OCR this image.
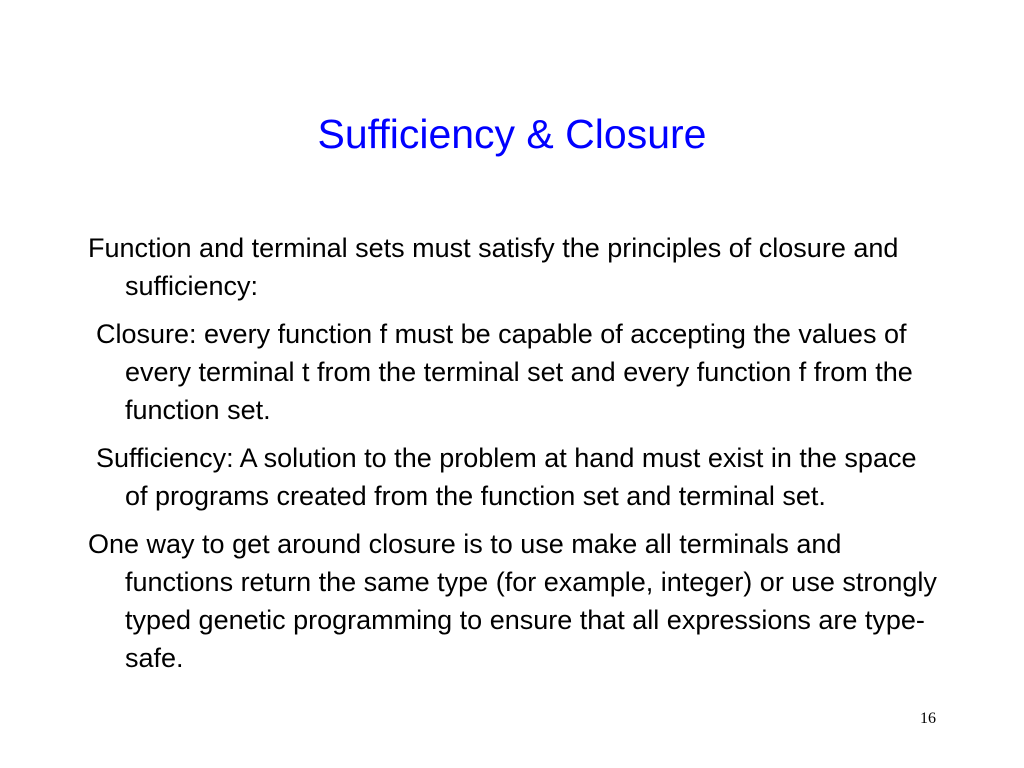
Sufficiency & Closure

Function and terminal sets must satisfy the principles of closure and sufficiency:

Closure: every function f must be capable of accepting the values of every terminal t from the terminal set and every function f from the function set.

Sufficiency: A solution to the problem at hand must exist in the space of programs created from the function set and terminal set.

One way to get around closure is to use make all terminals and functions return the same type (for example, integer) or use strongly typed genetic programming to ensure that all expressions are type-safe.

16
